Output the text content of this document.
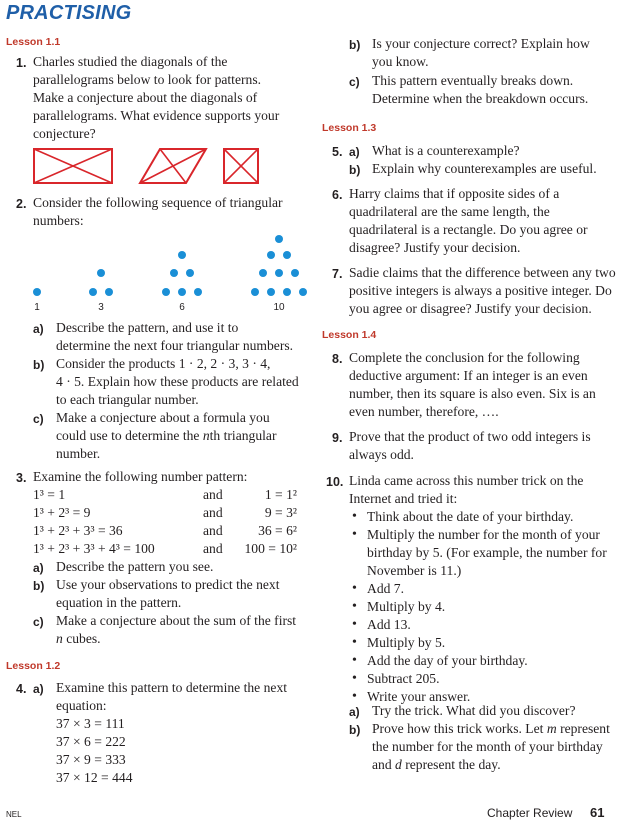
PRACTISING
Lesson 1.1
1. Charles studied the diagonals of the
parallelograms below to look for patterns.
Make a conjecture about the diagonals of
parallelograms. What evidence supports your
conjecture?
2. Consider the following sequence of triangular
numbers:
1	3	6	10
a) Describe the pattern, and use it to
determine the next four triangular numbers.
b) Consider the products 1 · 2, 2 · 3, 3 · 4,
4 · 5. Explain how these products are related
to each triangular number.
c) Make a conjecture about a formula you
could use to determine the nth triangular
number.
3. Examine the following number pattern:
1³ = 1	and	1 = 1²
1³ + 2³ = 9	and	9 = 3²
1³ + 2³ + 3³ = 36	and	36 = 6²
1³ + 2³ + 3³ + 4³ = 100	and 100 = 10²
a) Describe the pattern you see.
b) Use your observations to predict the next
equation in the pattern.
c) Make a conjecture about the sum of the first
n cubes.
Lesson 1.2
4. a) Examine this pattern to determine the next
equation:
37 × 3 = 111
37 × 6 = 222
37 × 9 = 333
37 × 12 = 444
b) Is your conjecture correct? Explain how
you know.
c) This pattern eventually breaks down.
Determine when the breakdown occurs.
Lesson 1.3
5. a) What is a counterexample?
b) Explain why counterexamples are useful.
6. Harry claims that if opposite sides of a
quadrilateral are the same length, the
quadrilateral is a rectangle. Do you agree or
disagree? Justify your decision.
7. Sadie claims that the difference between any two
positive integers is always a positive integer. Do
you agree or disagree? Justify your decision.
Lesson 1.4
8. Complete the conclusion for the following
deductive argument: If an integer is an even
number, then its square is also even. Six is an
even number, therefore, ….
9. Prove that the product of two odd integers is
always odd.
10. Linda came across this number trick on the
Internet and tried it:
• Think about the date of your birthday.
• Multiply the number for the month of your
birthday by 5. (For example, the number for
November is 11.)
• Add 7.
• Multiply by 4.
• Add 13.
• Multiply by 5.
• Add the day of your birthday.
• Subtract 205.
• Write your answer.
a) Try the trick. What did you discover?
b) Prove how this trick works. Let m represent
the number for the month of your birthday
and d represent the day.
NEL	Chapter Review 61
